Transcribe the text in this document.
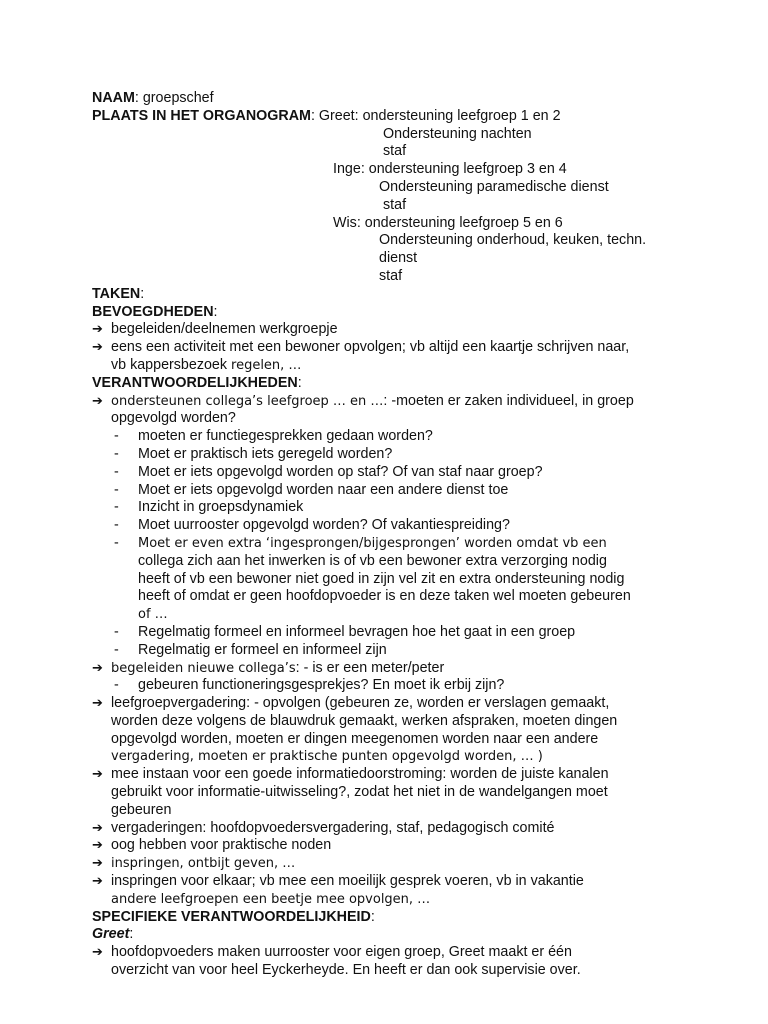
NAAM: groepschef
PLAATS IN HET ORGANOGRAM: Greet: ondersteuning leefgroep 1 en 2
Ondersteuning nachten
staf
Inge: ondersteuning leefgroep 3 en 4
Ondersteuning paramedische dienst
staf
Wis: ondersteuning leefgroep 5 en 6
Ondersteuning onderhoud, keuken, techn.
dienst
staf
TAKEN:
BEVOEGDHEDEN:
➔ begeleiden/deelnemen werkgroepje
➔ eens een activiteit met een bewoner opvolgen; vb altijd een kaartje schrijven naar,
vb kappersbezoek regelen, …
VERANTWOORDELIJKHEDEN:
➔ ondersteunen collega’s leefgroep … en …: -moeten er zaken individueel, in groep
opgevolgd worden?
- moeten er functiegesprekken gedaan worden?
- Moet er praktisch iets geregeld worden?
- Moet er iets opgevolgd worden op staf? Of van staf naar groep?
- Moet er iets opgevolgd worden naar een andere dienst toe
- Inzicht in groepsdynamiek
- Moet uurrooster opgevolgd worden? Of vakantiespreiding?
- Moet er even extra ‘ingesprongen/bijgesprongen’ worden omdat vb een
collega zich aan het inwerken is of vb een bewoner extra verzorging nodig
heeft of vb een bewoner niet goed in zijn vel zit en extra ondersteuning nodig
heeft of omdat er geen hoofdopvoeder is en deze taken wel moeten gebeuren
of …
- Regelmatig formeel en informeel bevragen hoe het gaat in een groep
- Regelmatig er formeel en informeel zijn
➔ begeleiden nieuwe collega’s: - is er een meter/peter
- gebeuren functioneringsgesprekjes? En moet ik erbij zijn?
➔ leefgroepvergadering: - opvolgen (gebeuren ze, worden er verslagen gemaakt,
worden deze volgens de blauwdruk gemaakt, werken afspraken, moeten dingen
opgevolgd worden, moeten er dingen meegenomen worden naar een andere
vergadering, moeten er praktische punten opgevolgd worden, … )
➔ mee instaan voor een goede informatiedoorstroming: worden de juiste kanalen
gebruikt voor informatie-uitwisseling?, zodat het niet in de wandelgangen moet
gebeuren
➔ vergaderingen: hoofdopvoedersvergadering, staf, pedagogisch comité
➔ oog hebben voor praktische noden
➔ inspringen, ontbijt geven, …
➔ inspringen voor elkaar; vb mee een moeilijk gesprek voeren, vb in vakantie
andere leefgroepen een beetje mee opvolgen, …
SPECIFIEKE VERANTWOORDELIJKHEID:
Greet:
➔ hoofdopvoeders maken uurrooster voor eigen groep, Greet maakt er één
overzicht van voor heel Eyckerheyde. En heeft er dan ook supervisie over.
